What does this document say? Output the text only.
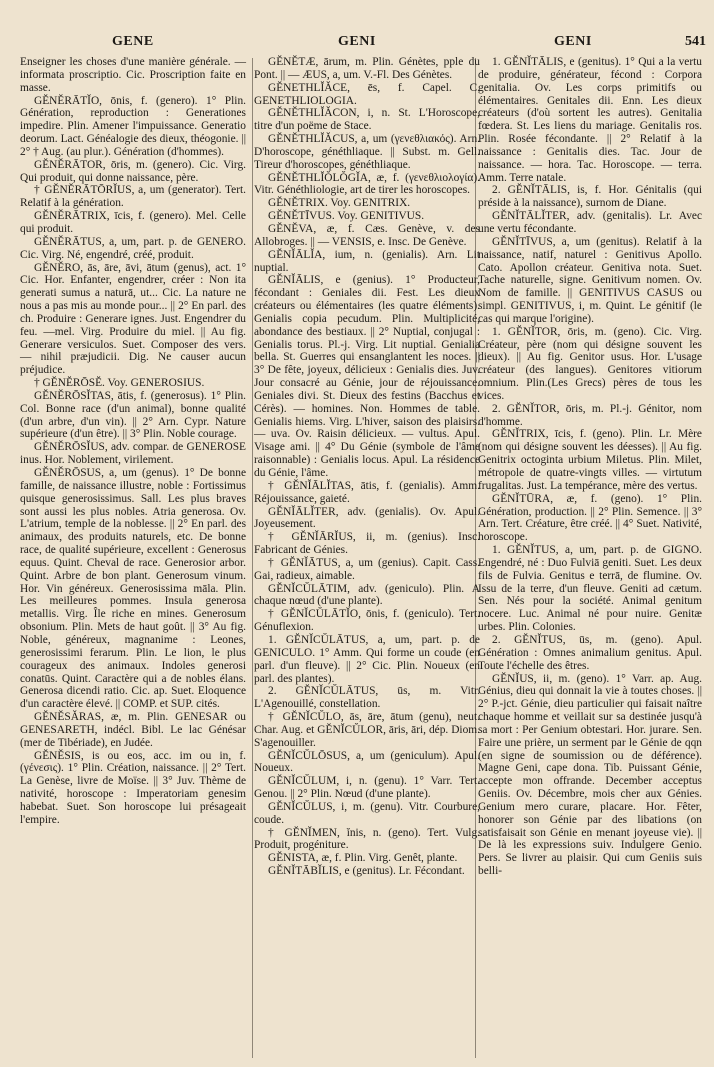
GENE	GENI	GENI	541

Enseigner les choses d'une manière générale. — informata proscriptio. Cic. Proscription faite en masse.

GĔNĔRĀTĬO, ōnis, f. (genero). 1° Plin. Génération, reproduction : Generationes impedire. Plin. Amener l'impuissance. Generatio deorum. Lact. Généalogie des dieux, théogonie. || 2° † Aug. (au plur.). Génération (d'hommes).

GĔNĔRĀTOR, ōris, m. (genero). Cic. Virg. Qui produit, qui donne naissance, père.

† GĔNĔRĀTŌRĬUS, a, um (generator). Tert. Relatif à la génération.

GĔNĔRĀTRIX, īcis, f. (genero). Mel. Celle qui produit.

GĔNĔRĀTUS, a, um, part. p. de GENERO. Cic. Virg. Né, engendré, créé, produit.

GĔNĔRO, ās, āre, āvi, ātum (genus), act. 1° Cic. Hor. Enfanter, engendrer, créer : Non ita generati sumus a naturā, ut... Cic. La nature ne nous a pas mis au monde pour... || 2° En parl. des ch. Produire : Generare ignes. Just. Engendrer du feu. —mel. Virg. Produire du miel. || Au fig. Generare versiculos. Suet. Composer des vers. — nihil præjudicii. Dig. Ne causer aucun préjudice.

† GĔNĔRŌSĔ. Voy. GENEROSIUS.

GĔNĔRŌSĬTAS, ātis, f. (generosus). 1° Plin. Col. Bonne race (d'un animal), bonne qualité (d'un arbre, d'un vin). || 2° Arn. Cypr. Nature supérieure (d'un être). || 3° Plin. Noble courage.

GĔNĔRŌSĬUS, adv. compar. de GENEROSE inus. Hor. Noblement, virilement.

GĔNĔRŌSUS, a, um (genus). 1° De bonne famille, de naissance illustre, noble : Fortissimus quisque generosissimus. Sall. Les plus braves sont aussi les plus nobles. Atria generosa. Ov. L'atrium, temple de la noblesse. || 2° En parl. des animaux, des produits naturels, etc. De bonne race, de qualité supérieure, excellent : Generosus equus. Quint. Cheval de race. Generosior arbor. Quint. Arbre de bon plant. Generosum vinum. Hor. Vin généreux. Generosissima māla. Plin. Les meilleures pommes. Insula generosa metallis. Virg. Île riche en mines. Generosum obsonium. Plin. Mets de haut goût. || 3° Au fig. Noble, généreux, magnanime : Leones, generosissimi ferarum. Plin. Le lion, le plus courageux des animaux. Indoles generosi conatūs. Quint. Caractère qui a de nobles élans. Generosa dicendi ratio. Cic. ap. Suet. Eloquence d'un caractère élevé. || COMP. et SUP. cités.

GĔNĔSĂRAS, æ, m. Plin. GENESAR ou GENESARETH, indécl. Bibl. Le lac Génésar (mer de Tibériade), en Judée.

GĔNĔSIS, is ou eos, acc. im ou in, f. (γένεσις). 1° Plin. Création, naissance. || 2° Tert. La Genèse, livre de Moïse. || 3° Juv. Thème de nativité, horoscope : Imperatoriam genesim habebat. Suet. Son horoscope lui présageait l'empire.

GĔNĔTÆ, ārum, m. Plin. Génètes, pple du Pont. || — ÆUS, a, um. V.-Fl. Des Génètes.

GĔNETHLĬĂCE, ēs, f. Capel. C. GENETHLIOLOGIA.

GĔNĔTHLĬĂCON, i, n. St. L'Horoscope, titre d'un poëme de Stace.

GĔNĔTHLĬĂCUS, a, um (γενεθλιακός). Arn. D'horoscope, généthliaque. || Subst. m. Gell. Tireur d'horoscopes, généthliaque.

GĔNĔTHLĬŎLŎGĬA, æ, f. (γενεθλιολογία). Vitr. Généthliologie, art de tirer les horoscopes.

GĔNĔTRIX. Voy. GENITRIX.

GĔNĔTĪVUS. Voy. GENITIVUS.

GĔNĔVA, æ, f. Cæs. Genève, v. des Allobroges. || — VENSIS, e. Insc. De Genève.

GĔNĬĀLĬA, ium, n. (genialis). Arn. Lit nuptial.

GĔNĬĀLIS, e (genius). 1° Producteur, fécondant : Geniales dii. Fest. Les dieux créateurs ou élémentaires (les quatre éléments). Genialis copia pecudum. Plin. Multiplicité, abondance des bestiaux. || 2° Nuptial, conjugal : Genialis torus. Pl.-j. Virg. Lit nuptial. Genialia bella. St. Guerres qui ensanglantent les noces. || 3° De fête, joyeux, délicieux : Genialis dies. Juv. Jour consacré au Génie, jour de réjouissance. Geniales divi. St. Dieux des festins (Bacchus et Cérès). — homines. Non. Hommes de table. Genialis hiems. Virg. L'hiver, saison des plaisirs. — uva. Ov. Raisin délicieux. — vultus. Apul. Visage ami. || 4° Du Génie (symbole de l'âme raisonnable) : Genialis locus. Apul. La résidence du Génie, l'âme.

† GĔNĬĀLĬTAS, ātis, f. (genialis). Amm. Réjouissance, gaieté.

GĔNĬĀLĬTER, adv. (genialis). Ov. Apul. Joyeusement.

† GĔNĬĀRĬUS, ii, m. (genius). Insc. Fabricant de Génies.

† GĔNĬĀTUS, a, um (genius). Capit. Cass. Gai, radieux, aimable.

GĔNĬCŬLĀTIM, adv. (geniculo). Plin. A chaque nœud (d'une plante).

† GĔNĬCŬLĀTĬO, ōnis, f. (geniculo). Tert. Génuflexion.

1. GĔNĬCŬLĀTUS, a, um, part. p. de GENICULO. 1° Amm. Qui forme un coude (en parl. d'un fleuve). || 2° Cic. Plin. Noueux (en parl. des plantes).

2. GĔNĬCŬLĀTUS, ūs, m. Vitr. L'Agenouillé, constellation.

† GĔNĬCŬLO, ās, āre, ātum (genu), neut. Char. Aug. et GĔNĬCŬLOR, āris, āri, dép. Diom. S'agenouiller.

GĔNĬCŬLŌSUS, a, um (geniculum). Apul. Noueux.

GĔNĬCŬLUM, i, n. (genu). 1° Varr. Tert. Genou. || 2° Plin. Nœud (d'une plante).

GĔNĬCŬLUS, i, m. (genu). Vitr. Courbure, coude.

† GĔNĬMEN, ĭnis, n. (geno). Tert. Vulg. Produit, progéniture.

GĔNISTA, æ, f. Plin. Virg. Genêt, plante.

GĔNĬTĀBĬLIS, e (genitus). Lr. Fécondant.

1. GĔNĬTĀLIS, e (genitus). 1° Qui a la vertu de produire, générateur, fécond : Corpora genitalia. Ov. Les corps primitifs ou élémentaires. Genitales dii. Enn. Les dieux créateurs (d'où sortent les autres). Genitalia fœdera. St. Les liens du mariage. Genitalis ros. Plin. Rosée fécondante. || 2° Relatif à la naissance : Genitalis dies. Tac. Jour de naissance. — hora. Tac. Horoscope. — terra. Amm. Terre natale.

2. GĔNĬTĀLIS, is, f. Hor. Génitalis (qui préside à la naissance), surnom de Diane.

GĔNĬTĀLĬTER, adv. (genitalis). Lr. Avec une vertu fécondante.

GĔNĬTĪVUS, a, um (genitus). Relatif à la naissance, natif, naturel : Genitivus Apollo. Cato. Apollon créateur. Genitiva nota. Suet. Tache naturelle, signe. Genitivum nomen. Ov. Nom de famille. || GENITIVUS CASUS ou simpl. GENITIVUS, i, m. Quint. Le génitif (le cas qui marque l'origine).

1. GĔNĬTOR, ōris, m. (geno). Cic. Virg. Créateur, père (nom qui désigne souvent les dieux). || Au fig. Genitor usus. Hor. L'usage créateur (des langues). Genitores vitiorum omnium. Plin.(Les Grecs) pères de tous les vices.

2. GĔNĬTOR, ōris, m. Pl.-j. Génitor, nom d'homme.

GĔNĬTRIX, īcis, f. (geno). Plin. Lr. Mère (nom qui désigne souvent les déesses). || Au fig. Genitrix octoginta urbium Miletus. Plin. Milet, métropole de quatre-vingts villes. — virtutum frugalitas. Just. La tempérance, mère des vertus.

GĔNĬTŪRA, æ, f. (geno). 1° Plin. Génération, production. || 2° Plin. Semence. || 3° Arn. Tert. Créature, être créé. || 4° Suet. Nativité, horoscope.

1. GĔNĬTUS, a, um, part. p. de GIGNO. Engendré, né : Duo Fulviā geniti. Suet. Les deux fils de Fulvia. Genitus e terrā, de flumine. Ov. Issu de la terre, d'un fleuve. Geniti ad cætum. Sen. Nés pour la société. Animal genitum nocere. Luc. Animal né pour nuire. Genitæ urbes. Plin. Colonies.

2. GĔNĬTUS, ūs, m. (geno). Apul. Génération : Omnes animalium genitus. Apul. Toute l'échelle des êtres.

GĔNĬUS, ii, m. (geno). 1° Varr. ap. Aug. Génius, dieu qui donnait la vie à toutes choses. || 2° P.-jct. Génie, dieu particulier qui faisait naître chaque homme et veillait sur sa destinée jusqu'à sa mort : Per Genium obtestari. Hor. jurare. Sen. Faire une prière, un serment par le Génie de qqn (en signe de soumission ou de déférence). Magne Geni, cape dona. Tib. Puissant Génie, accepte mon offrande. December acceptus Geniis. Ov. Décembre, mois cher aux Génies. Genium mero curare, placare. Hor. Fêter, honorer son Génie par des libations (on satisfaisait son Génie en menant joyeuse vie). || De là les expressions suiv. Indulgere Genio. Pers. Se livrer au plaisir. Qui cum Geniis suis belli-
